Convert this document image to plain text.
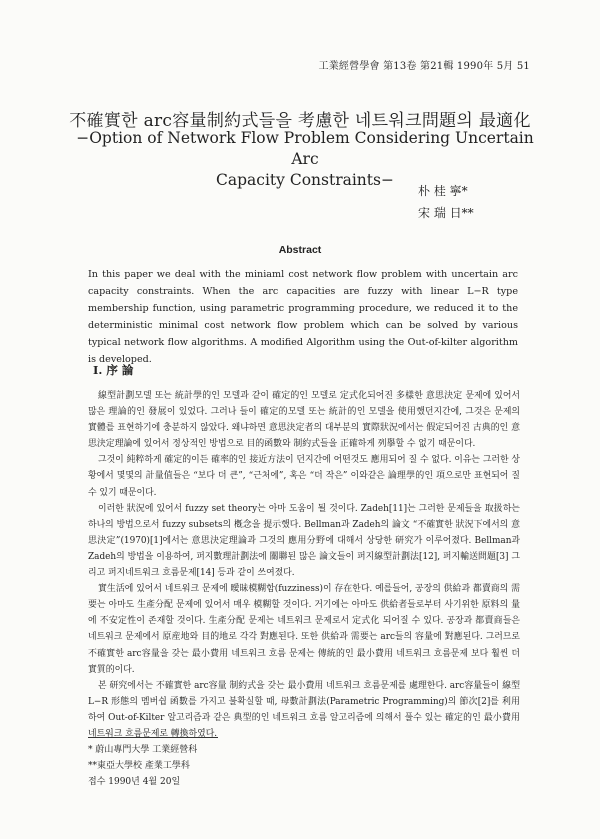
工業經營學會 第13卷 第21輯 1990年 5月 51
不確實한 arc容量制約式들을 考慮한 네트워크問題의 最適化
−Option of Network Flow Problem Considering Uncertain Arc
Capacity Constraints−
朴 桂 寧*
宋 瑞 日**
Abstract
In this paper we deal with the miniaml cost network flow problem with uncertain arc capacity constraints. When the arc capacities are fuzzy with linear L−R type membership function, using parametric programming procedure, we reduced it to the deterministic minimal cost network flow problem which can be solved by various typical network flow algorithms. A modified Algorithm using the Out-of-kilter algorithm is developed.
Ⅰ. 序 論

線型計劃모델 또는 統計學的인 모델과 같이 確定的인 모델로 定式化되어진 多樣한 意思決定 문제에 있어서 많은 理論的인 發展이 있었다. 그러나 들이 確定的모델 또는 統計的인 모델을 使用했던지간에, 그것은 문제의 實體를 표현하기에 충분하지 않았다. 왜냐하면 意思決定者의 대부분의 實際狀況에서는 假定되어진 古典的인 意思決定理論에 있어서 정상적인 방법으로 目的函數와 制約式들을 正確하게 列擧할 수 없기 때문이다.

그것이 純粹하게 確定的이든 確率的인 接近方法이 던지간에 어떤것도 應用되어 질 수 없다. 이유는 그러한 상황에서 몇몇의 計量值들은 “보다 더 큰”, “근처에”, 혹은 “더 작은” 이와같은 論理學的인 項으로만 표현되어 질 수 있기 때문이다.

이러한 狀況에 있어서 fuzzy set theory는 아마 도움이 될 것이다. Zadeh[11]는 그러한 문제들을 取扱하는 하나의 방법으로서 fuzzy subsets의 槪念을 提示했다. Bellman과 Zadeh의 論文 “不確實한 狀況下에서의 意思決定”(1970)[1]에서는 意思決定理論과 그것의 應用分野에 대해서 상당한 研究가 이루어졌다. Bellman과 Zadeh의 방법을 이용하여, 퍼지數理計劃法에 關聯된 많은 論文들이 퍼지線型計劃法[12], 퍼지輸送問題[3] 그리고 퍼지네트워크 흐름문제[14] 등과 같이 쓰여졌다.

實生活에 있어서 네트워크 문제에 曖昧模糊함(fuzziness)이 存在한다. 예를들어, 공장의 供給과 都賣商의 需要는 아마도 生產分配 문제에 있어서 매우 模糊할 것이다. 거기에는 아마도 供給者들로부터 사기위한 原料의 量에 不安定性이 존재할 것이다. 生產分配 문제는 네트워크 문제로서 定式化 되어질 수 있다. 공장과 都賣商들은 네트워크 문제에서 原産地와 目的地로 각각 對應된다. 또한 供給과 需要는 arc들의 容量에 對應된다. 그러므로 不確實한 arc容量을 갖는 最小費用 네트워크 흐름 문제는 傳統的인 最小費用 네트워크 흐름문제 보다 훨씬 더 實質的이다.

본 研究에서는 不確實한 arc容量 制約式을 갖는 最小費用 네트워크 흐름문제를 處理한다. arc容量들이 線型 L−R 形態의 멤버쉽 函數를 가지고 불확실할 때, 母數計劃法(Parametric Programming)의 節次[2]를 利用하여 Out-of-Kilter 알고리즘과 같은 典型的인 네트워크 흐름 알고리즘에 의해서 풀수 있는 確定的인 最小費用 네트워크 흐름문제로 轉換하였다.

* 蔚山專門大學 工業經營科
**東亞大學校 產業工學科
접수 1990년 4월 20일
